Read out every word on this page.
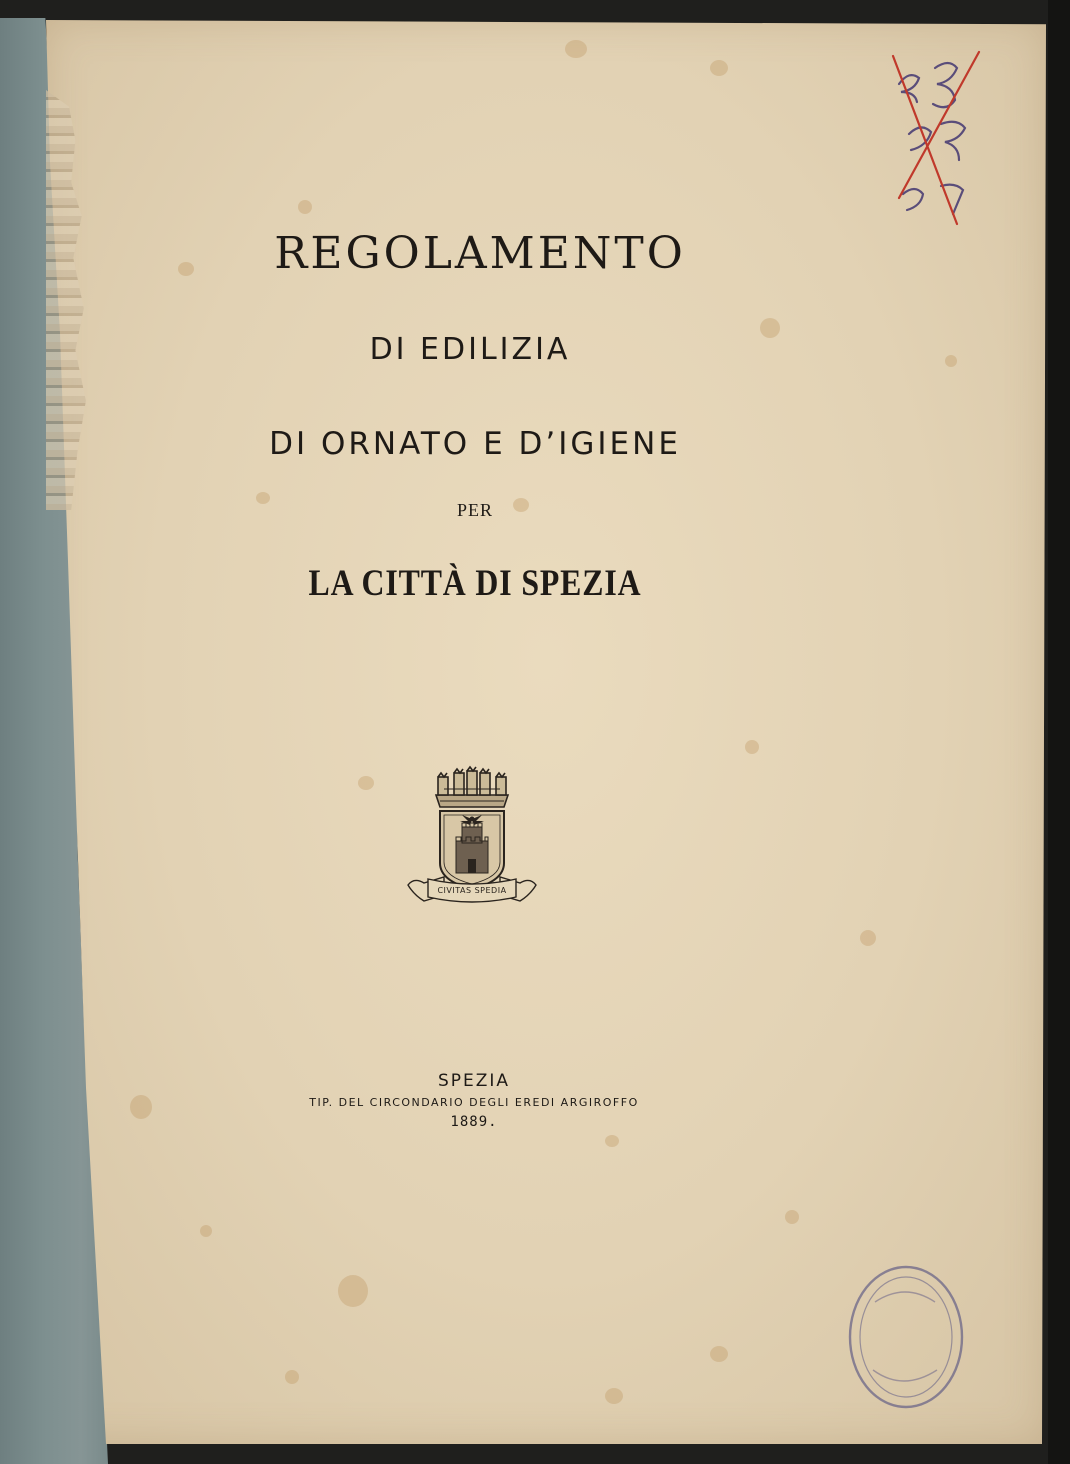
REGOLAMENTO
DI EDILIZIA
DI ORNATO E D’IGIENE
PER
LA CITTÀ DI SPEZIA
CIVITAS SPEDIA
SPEZIA
TIP. DEL CIRCONDARIO DEGLI EREDI ARGIROFFO
1889.
